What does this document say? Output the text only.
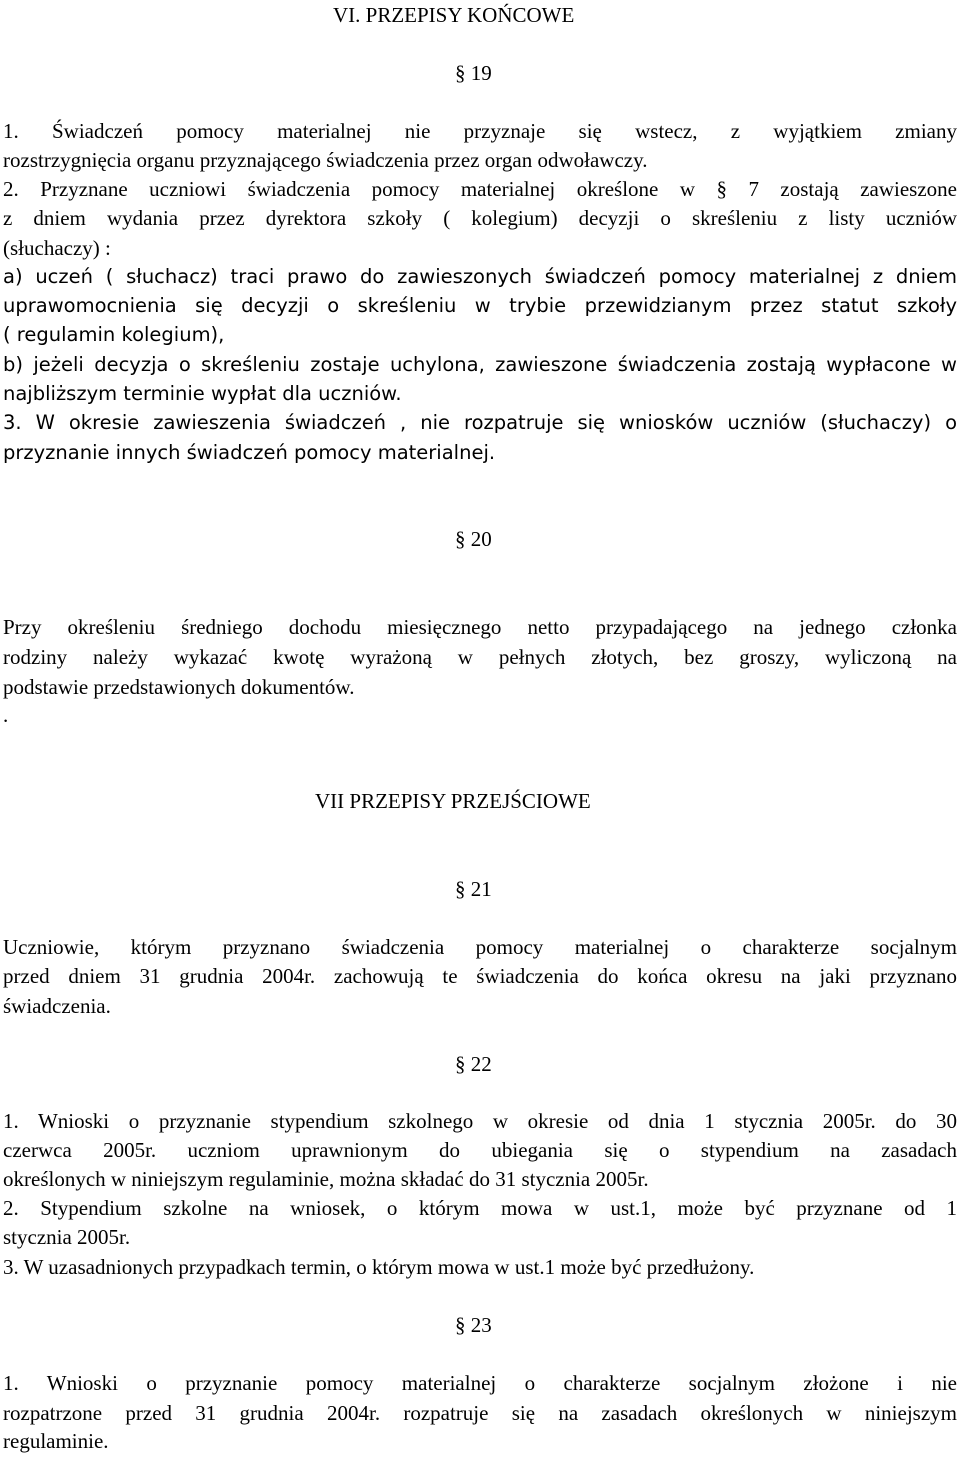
VI. PRZEPISY KOŃCOWE
§ 19
1. Świadczeń pomocy materialnej nie przyznaje się wstecz, z wyjątkiem zmiany
rozstrzygnięcia organu przyznającego świadczenia przez organ odwoławczy.
2. Przyznane uczniowi świadczenia pomocy materialnej określone w § 7 zostają zawieszone
z dniem wydania przez dyrektora szkoły ( kolegium) decyzji o skreśleniu z listy uczniów
(słuchaczy) :
a) uczeń ( słuchacz) traci prawo do zawieszonych świadczeń pomocy materialnej z dniem
uprawomocnienia się decyzji o skreśleniu w trybie przewidzianym przez statut szkoły
( regulamin kolegium),
b) jeżeli decyzja o skreśleniu zostaje uchylona, zawieszone świadczenia zostają wypłacone w
najbliższym terminie wypłat dla uczniów.
3. W okresie zawieszenia świadczeń , nie rozpatruje się wniosków uczniów (słuchaczy) o
przyznanie innych świadczeń pomocy materialnej.
§ 20
Przy określeniu średniego dochodu miesięcznego netto przypadającego na jednego członka
rodziny należy wykazać kwotę wyrażoną w pełnych złotych, bez groszy, wyliczoną na
podstawie przedstawionych dokumentów.
.
VII PRZEPISY PRZEJŚCIOWE
§ 21
Uczniowie, którym przyznano świadczenia pomocy materialnej o charakterze socjalnym
przed dniem 31 grudnia 2004r. zachowują te świadczenia do końca okresu na jaki przyznano
świadczenia.
§ 22
1. Wnioski o przyznanie stypendium szkolnego w okresie od dnia 1 stycznia 2005r. do 30
czerwca 2005r. uczniom uprawnionym do ubiegania się o stypendium na zasadach
określonych w niniejszym regulaminie, można składać do 31 stycznia 2005r.
2. Stypendium szkolne na wniosek, o którym mowa w ust.1, może być przyznane od 1
stycznia 2005r.
3. W uzasadnionych przypadkach termin, o którym mowa w ust.1 może być przedłużony.
§ 23
1. Wnioski o przyznanie pomocy materialnej o charakterze socjalnym złożone i nie
rozpatrzone przed 31 grudnia 2004r. rozpatruje się na zasadach określonych w niniejszym
regulaminie.
